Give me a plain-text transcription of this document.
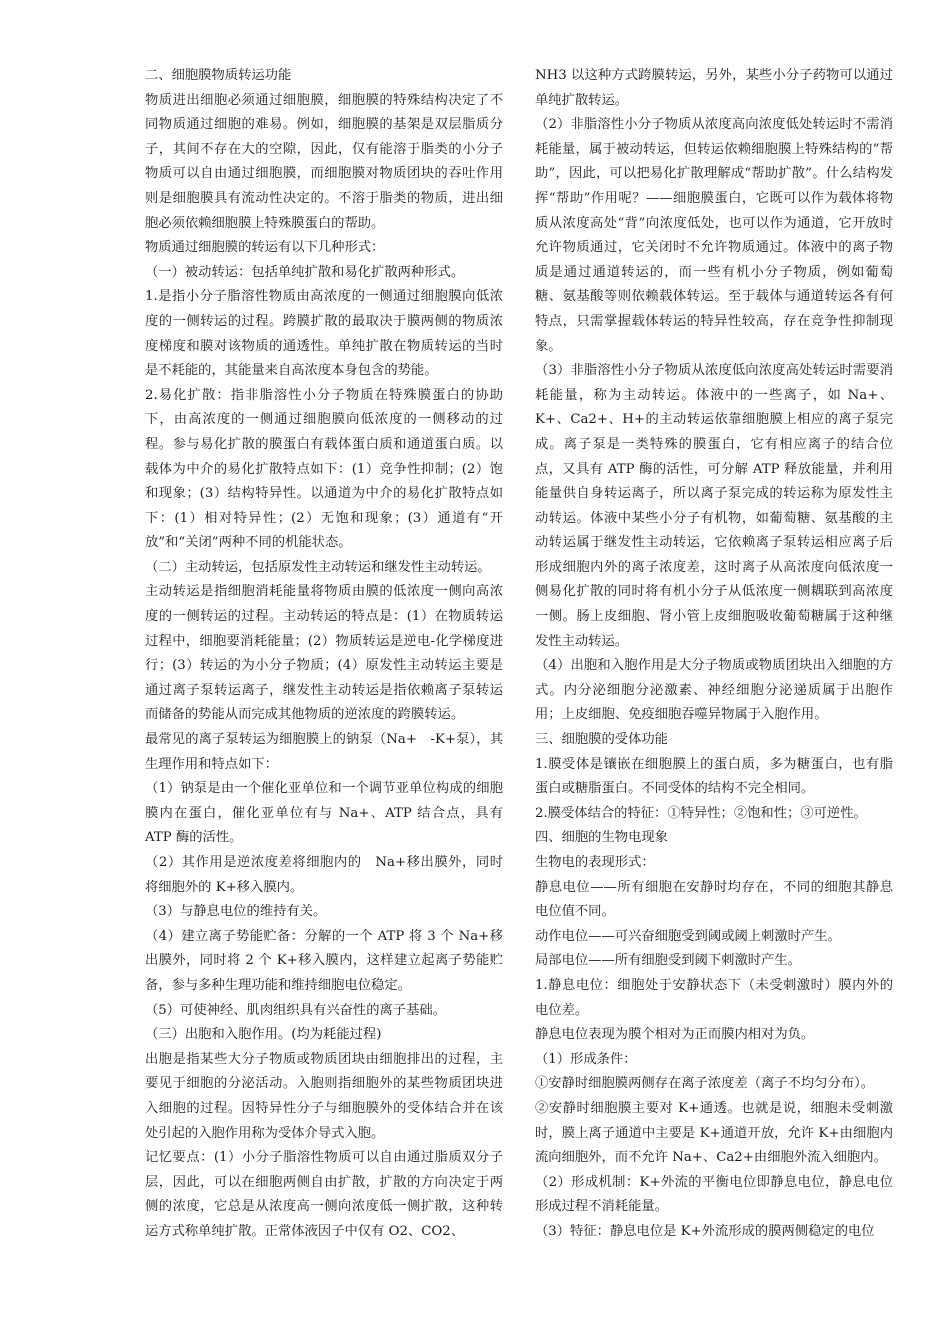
二、细胞膜物质转运功能

物质进出细胞必须通过细胞膜，细胞膜的特殊结构决定了不同物质通过细胞的难易。例如，细胞膜的基架是双层脂质分子，其间不存在大的空隙，因此，仅有能溶于脂类的小分子物质可以自由通过细胞膜，而细胞膜对物质团块的吞吐作用则是细胞膜具有流动性决定的。不溶于脂类的物质，进出细胞必须依赖细胞膜上特殊膜蛋白的帮助。

物质通过细胞膜的转运有以下几种形式：

（一）被动转运：包括单纯扩散和易化扩散两种形式。

1.是指小分子脂溶性物质由高浓度的一侧通过细胞膜向低浓度的一侧转运的过程。跨膜扩散的最取决于膜两侧的物质浓度梯度和膜对该物质的通透性。单纯扩散在物质转运的当时是不耗能的，其能量来自高浓度本身包含的势能。

2.易化扩散：指非脂溶性小分子物质在特殊膜蛋白的协助下，由高浓度的一侧通过细胞膜向低浓度的一侧移动的过程。参与易化扩散的膜蛋白有载体蛋白质和通道蛋白质。以载体为中介的易化扩散特点如下：(1）竞争性抑制；(2）饱和现象；(3）结构特异性。以通道为中介的易化扩散特点如下：(1）相对特异性；(2）无饱和现象；(3）通道有“开放”和“关闭”两种不同的机能状态。

（二）主动转运，包括原发性主动转运和继发性主动转运。

主动转运是指细胞消耗能量将物质由膜的低浓度一侧向高浓度的一侧转运的过程。主动转运的特点是：(1）在物质转运过程中，细胞要消耗能量；(2）物质转运是逆电-化学梯度进行；(3）转运的为小分子物质；(4）原发性主动转运主要是通过离子泵转运离子，继发性主动转运是指依赖离子泵转运而储备的势能从而完成其他物质的逆浓度的跨膜转运。

最常见的离子泵转运为细胞膜上的钠泵（Na+　-K+泵），其生理作用和特点如下：

（1）钠泵是由一个催化亚单位和一个调节亚单位构成的细胞膜内在蛋白，催化亚单位有与 Na+、ATP 结合点，具有 ATP 酶的活性。

（2）其作用是逆浓度差将细胞内的　Na+移出膜外，同时将细胞外的 K+移入膜内。

（3）与静息电位的维持有关。

（4）建立离子势能贮备：分解的一个 ATP 将 3 个 Na+移出膜外，同时将 2 个 K+移入膜内，这样建立起离子势能贮备，参与多种生理功能和维持细胞电位稳定。

（5）可使神经、肌肉组织具有兴奋性的离子基础。

（三）出胞和入胞作用。(均为耗能过程)

出胞是指某些大分子物质或物质团块由细胞排出的过程，主要见于细胞的分泌活动。入胞则指细胞外的某些物质团块进入细胞的过程。因特异性分子与细胞膜外的受体结合并在该处引起的入胞作用称为受体介导式入胞。

记忆要点：(1）小分子脂溶性物质可以自由通过脂质双分子层，因此，可以在细胞两侧自由扩散，扩散的方向决定于两侧的浓度，它总是从浓度高一侧向浓度低一侧扩散，这种转运方式称单纯扩散。正常体液因子中仅有 O2、CO2、

NH3 以这种方式跨膜转运，另外，某些小分子药物可以通过单纯扩散转运。

（2）非脂溶性小分子物质从浓度高向浓度低处转运时不需消耗能量，属于被动转运，但转运依赖细胞膜上特殊结构的“帮助”，因此，可以把易化扩散理解成“帮助扩散”。什么结构发挥“帮助”作用呢？——细胞膜蛋白，它既可以作为载体将物质从浓度高处“背”向浓度低处，也可以作为通道，它开放时允许物质通过，它关闭时不允许物质通过。体液中的离子物质是通过通道转运的，而一些有机小分子物质，例如葡萄糖、氨基酸等则依赖载体转运。至于载体与通道转运各有何特点，只需掌握载体转运的特异性较高，存在竞争性抑制现象。

（3）非脂溶性小分子物质从浓度低向浓度高处转运时需要消耗能量，称为主动转运。体液中的一些离子，如 Na+、K+、Ca2+、H+的主动转运依靠细胞膜上相应的离子泵完成。离子泵是一类特殊的膜蛋白，它有相应离子的结合位点，又具有 ATP 酶的活性，可分解 ATP 释放能量，并利用能量供自身转运离子，所以离子泵完成的转运称为原发性主动转运。体液中某些小分子有机物，如葡萄糖、氨基酸的主动转运属于继发性主动转运，它依赖离子泵转运相应离子后形成细胞内外的离子浓度差，这时离子从高浓度向低浓度一侧易化扩散的同时将有机小分子从低浓度一侧耦联到高浓度一侧。肠上皮细胞、肾小管上皮细胞吸收葡萄糖属于这种继发性主动转运。

（4）出胞和入胞作用是大分子物质或物质团块出入细胞的方式。内分泌细胞分泌激素、神经细胞分泌递质属于出胞作用；上皮细胞、免疫细胞吞噬异物属于入胞作用。

三、细胞膜的受体功能

1.膜受体是镶嵌在细胞膜上的蛋白质，多为糖蛋白，也有脂蛋白或糖脂蛋白。不同受体的结构不完全相同。

2.膜受体结合的特征：①特异性；②饱和性；③可逆性。

四、细胞的生物电现象

生物电的表现形式：

静息电位——所有细胞在安静时均存在，不同的细胞其静息电位值不同。

动作电位——可兴奋细胞受到阈或阈上刺激时产生。

局部电位——所有细胞受到阈下刺激时产生。

1.静息电位：细胞处于安静状态下（未受刺激时）膜内外的电位差。

静息电位表现为膜个相对为正而膜内相对为负。

（1）形成条件：

①安静时细胞膜两侧存在离子浓度差（离子不均匀分布）。

②安静时细胞膜主要对 K+通透。也就是说，细胞未受刺激时，膜上离子通道中主要是 K+通道开放，允许 K+由细胞内流向细胞外，而不允许 Na+、Ca2+由细胞外流入细胞内。

（2）形成机制：K+外流的平衡电位即静息电位，静息电位形成过程不消耗能量。

（3）特征：静息电位是 K+外流形成的膜两侧稳定的电位
